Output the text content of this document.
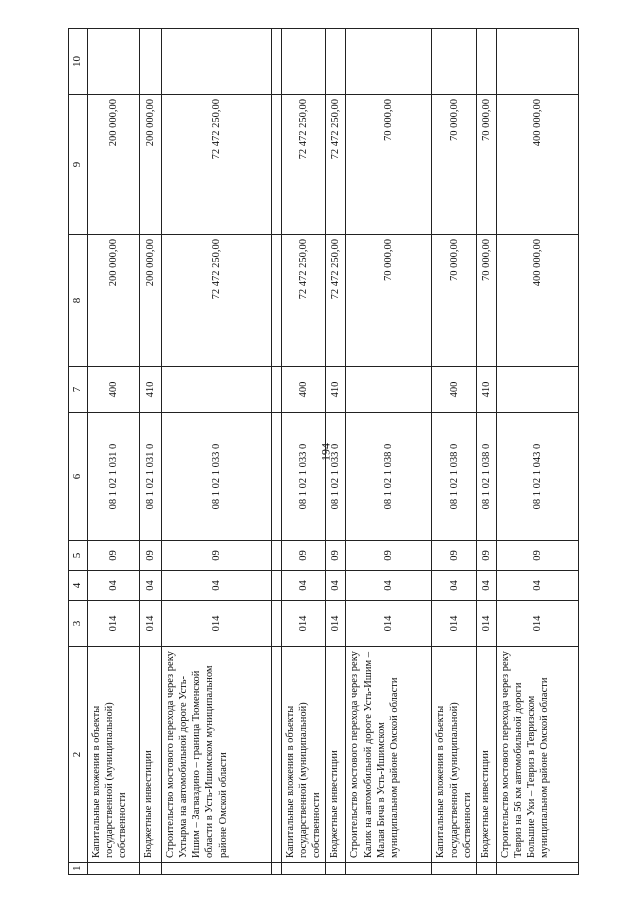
194
1	2	3	4	5	6	7	8	9	10
	Капитальные вложения в объекты государственной (муниципальной) собственности	014	04	09	08 1 02 1 031 0	400	200 000,00	200 000,00	
	Бюджетные инвестиции	014	04	09	08 1 02 1 031 0	410	200 000,00	200 000,00	
	Строительство мостового перехода через реку Ухтырма на автомобильной дороге Усть-Ишим – Загваздино – граница Тюменской области в Усть-Ишимском муниципальном районе Омской области	014	04	09	08 1 02 1 033 0		72 472 250,00	72 472 250,00	

	Капитальные вложения в объекты государственной (муниципальной) собственности	014	04	09	08 1 02 1 033 0	400	72 472 250,00	72 472 250,00	
	Бюджетные инвестиции	014	04	09	08 1 02 1 033 0	410	72 472 250,00	72 472 250,00	
	Строительство мостового перехода через реку Калик на автомобильной дороге Усть-Ишим – Малая Бича в Усть-Ишимском муниципальном районе Омской области	014	04	09	08 1 02 1 038 0		70 000,00	70 000,00	
	Капитальные вложения в объекты государственной (муниципальной) собственности	014	04	09	08 1 02 1 038 0	400	70 000,00	70 000,00	
	Бюджетные инвестиции	014	04	09	08 1 02 1 038 0	410	70 000,00	70 000,00	
	Строительство мостового перехода через реку Тевриз на 56 км автомобильной дороги Большие Уки – Тевриз в Тевризском муниципальном районе Омской области	014	04	09	08 1 02 1 043 0		400 000,00	400 000,00	
